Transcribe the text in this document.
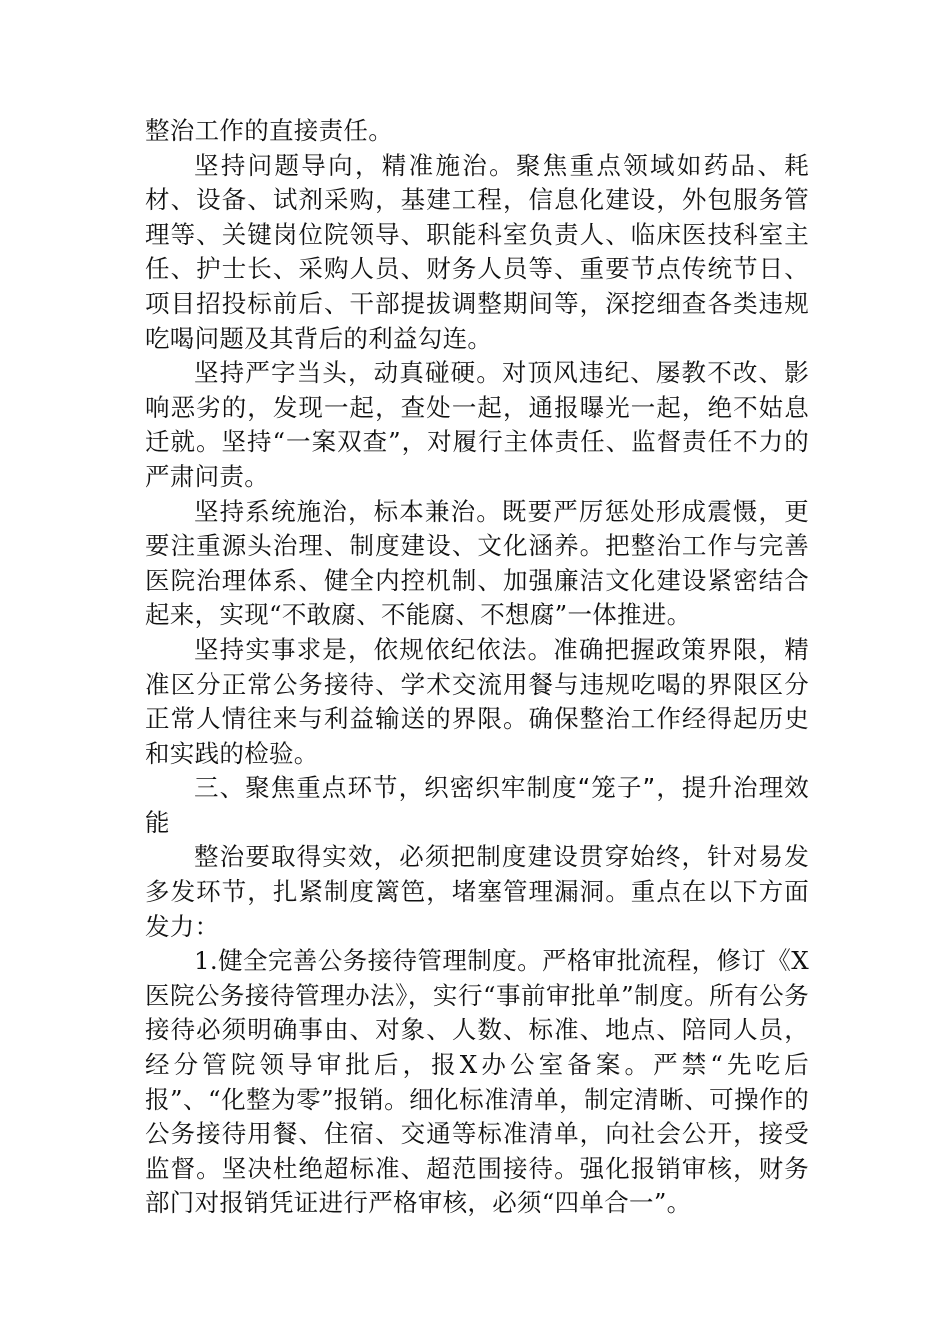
整治工作的直接责任。

坚持问题导向，精准施治。聚焦重点领域如药品、耗材、设备、试剂采购，基建工程，信息化建设，外包服务管理等、关键岗位院领导、职能科室负责人、临床医技科室主任、护士长、采购人员、财务人员等、重要节点传统节日、项目招投标前后、干部提拔调整期间等，深挖细查各类违规吃喝问题及其背后的利益勾连。

坚持严字当头，动真碰硬。对顶风违纪、屡教不改、影响恶劣的，发现一起，查处一起，通报曝光一起，绝不姑息迁就。坚持“一案双查”，对履行主体责任、监督责任不力的严肃问责。

坚持系统施治，标本兼治。既要严厉惩处形成震慑，更要注重源头治理、制度建设、文化涵养。把整治工作与完善医院治理体系、健全内控机制、加强廉洁文化建设紧密结合起来，实现“不敢腐、不能腐、不想腐”一体推进。

坚持实事求是，依规依纪依法。准确把握政策界限，精准区分正常公务接待、学术交流用餐与违规吃喝的界限区分正常人情往来与利益输送的界限。确保整治工作经得起历史和实践的检验。

三、聚焦重点环节，织密织牢制度“笼子”，提升治理效能

整治要取得实效，必须把制度建设贯穿始终，针对易发多发环节，扎紧制度篱笆，堵塞管理漏洞。重点在以下方面发力：

1.健全完善公务接待管理制度。严格审批流程，修订《X医院公务接待管理办法》，实行“事前审批单”制度。所有公务接待必须明确事由、对象、人数、标准、地点、陪同人员，经分管院领导审批后，报X办公室备案。严禁“先吃后报”、“化整为零”报销。细化标准清单，制定清晰、可操作的公务接待用餐、住宿、交通等标准清单，向社会公开，接受监督。坚决杜绝超标准、超范围接待。强化报销审核，财务部门对报销凭证进行严格审核，必须“四单合一”。
